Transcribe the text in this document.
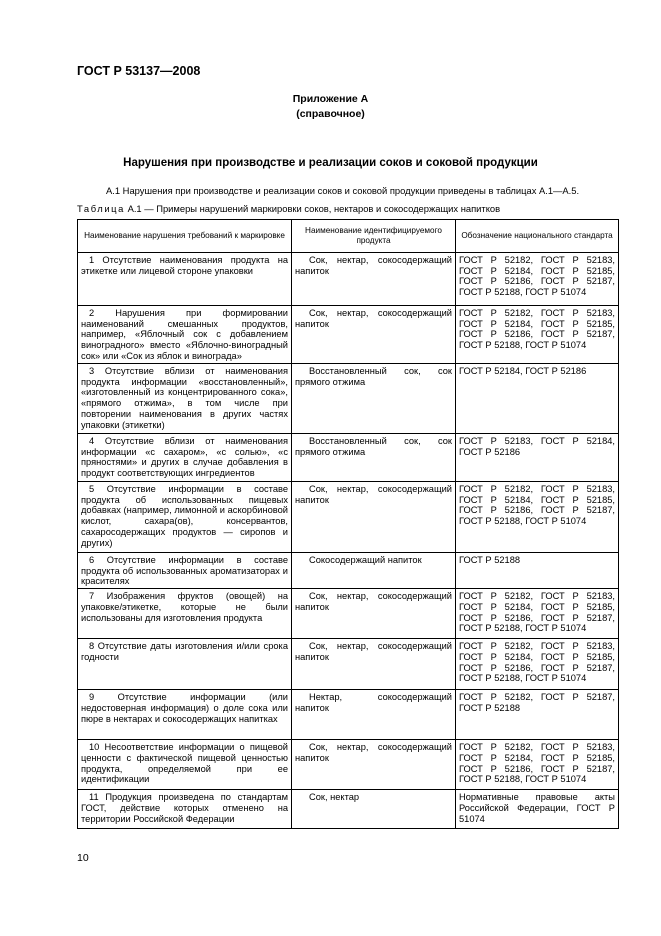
ГОСТ Р 53137—2008
Приложение А
(справочное)
Нарушения при производстве и реализации соков и соковой продукции
А.1 Нарушения при производстве и реализации соков и соковой продукции приведены в таблицах А.1—А.5.
Таблица А.1 — Примеры нарушений маркировки соков, нектаров и сокосодержащих напитков
Наименование нарушения требований к маркировке	Наименование идентифицируемого продукта	Обозначение национального стандарта
1 Отсутствие наименования продукта на этикетке или лицевой стороне упаковки	Сок, нектар, сокосодержащий напиток	ГОСТ Р 52182, ГОСТ Р 52183, ГОСТ Р 52184, ГОСТ Р 52185, ГОСТ Р 52186, ГОСТ Р 52187, ГОСТ Р 52188, ГОСТ Р 51074
2 Нарушения при формировании наименований смешанных продуктов, например, «Яблочный сок с добавлением виноградного» вместо «Яблочно-виноградный сок» или «Сок из яблок и винограда»	Сок, нектар, сокосодержащий напиток	ГОСТ Р 52182, ГОСТ Р 52183, ГОСТ Р 52184, ГОСТ Р 52185, ГОСТ Р 52186, ГОСТ Р 52187, ГОСТ Р 52188, ГОСТ Р 51074
3 Отсутствие вблизи от наименования продукта информации «восстановленный», «изготовленный из концентрированного сока», «прямого отжима», в том числе при повторении наименования в других частях упаковки (этикетки)	Восстановленный сок, сок прямого отжима	ГОСТ Р 52184, ГОСТ Р 52186
4 Отсутствие вблизи от наименования информации «с сахаром», «с солью», «с пряностями» и других в случае добавления в продукт соответствующих ингредиентов	Восстановленный сок, сок прямого отжима	ГОСТ Р 52183, ГОСТ Р 52184, ГОСТ Р 52186
5 Отсутствие информации в составе продукта об использованных пищевых добавках (например, лимонной и аскорбиновой кислот, сахара(ов), консервантов, сахаросодержащих продуктов — сиропов и других)	Сок, нектар, сокосодержащий напиток	ГОСТ Р 52182, ГОСТ Р 52183, ГОСТ Р 52184, ГОСТ Р 52185, ГОСТ Р 52186, ГОСТ Р 52187, ГОСТ Р 52188, ГОСТ Р 51074
6 Отсутствие информации в составе продукта об использованных ароматизаторах и красителях	Сокосодержащий напиток	ГОСТ Р 52188
7 Изображения фруктов (овощей) на упаковке/этикетке, которые не были использованы для изготовления продукта	Сок, нектар, сокосодержащий напиток	ГОСТ Р 52182, ГОСТ Р 52183, ГОСТ Р 52184, ГОСТ Р 52185, ГОСТ Р 52186, ГОСТ Р 52187, ГОСТ Р 52188, ГОСТ Р 51074
8 Отсутствие даты изготовления и/или срока годности	Сок, нектар, сокосодержащий напиток	ГОСТ Р 52182, ГОСТ Р 52183, ГОСТ Р 52184, ГОСТ Р 52185, ГОСТ Р 52186, ГОСТ Р 52187, ГОСТ Р 52188, ГОСТ Р 51074
9 Отсутствие информации (или недостоверная информация) о доле сока или пюре в нектарах и сокосодержащих напитках	Нектар, сокосодержащий напиток	ГОСТ Р 52182, ГОСТ Р 52187, ГОСТ Р 52188
10 Несоответствие информации о пищевой ценности с фактической пищевой ценностью продукта, определяемой при ее идентификации	Сок, нектар, сокосодержащий напиток	ГОСТ Р 52182, ГОСТ Р 52183, ГОСТ Р 52184, ГОСТ Р 52185, ГОСТ Р 52186, ГОСТ Р 52187, ГОСТ Р 52188, ГОСТ Р 51074
11 Продукция произведена по стандартам ГОСТ, действие которых отменено на территории Российской Федерации	Сок, нектар	Нормативные правовые акты Российской Федерации, ГОСТ Р 51074
10
